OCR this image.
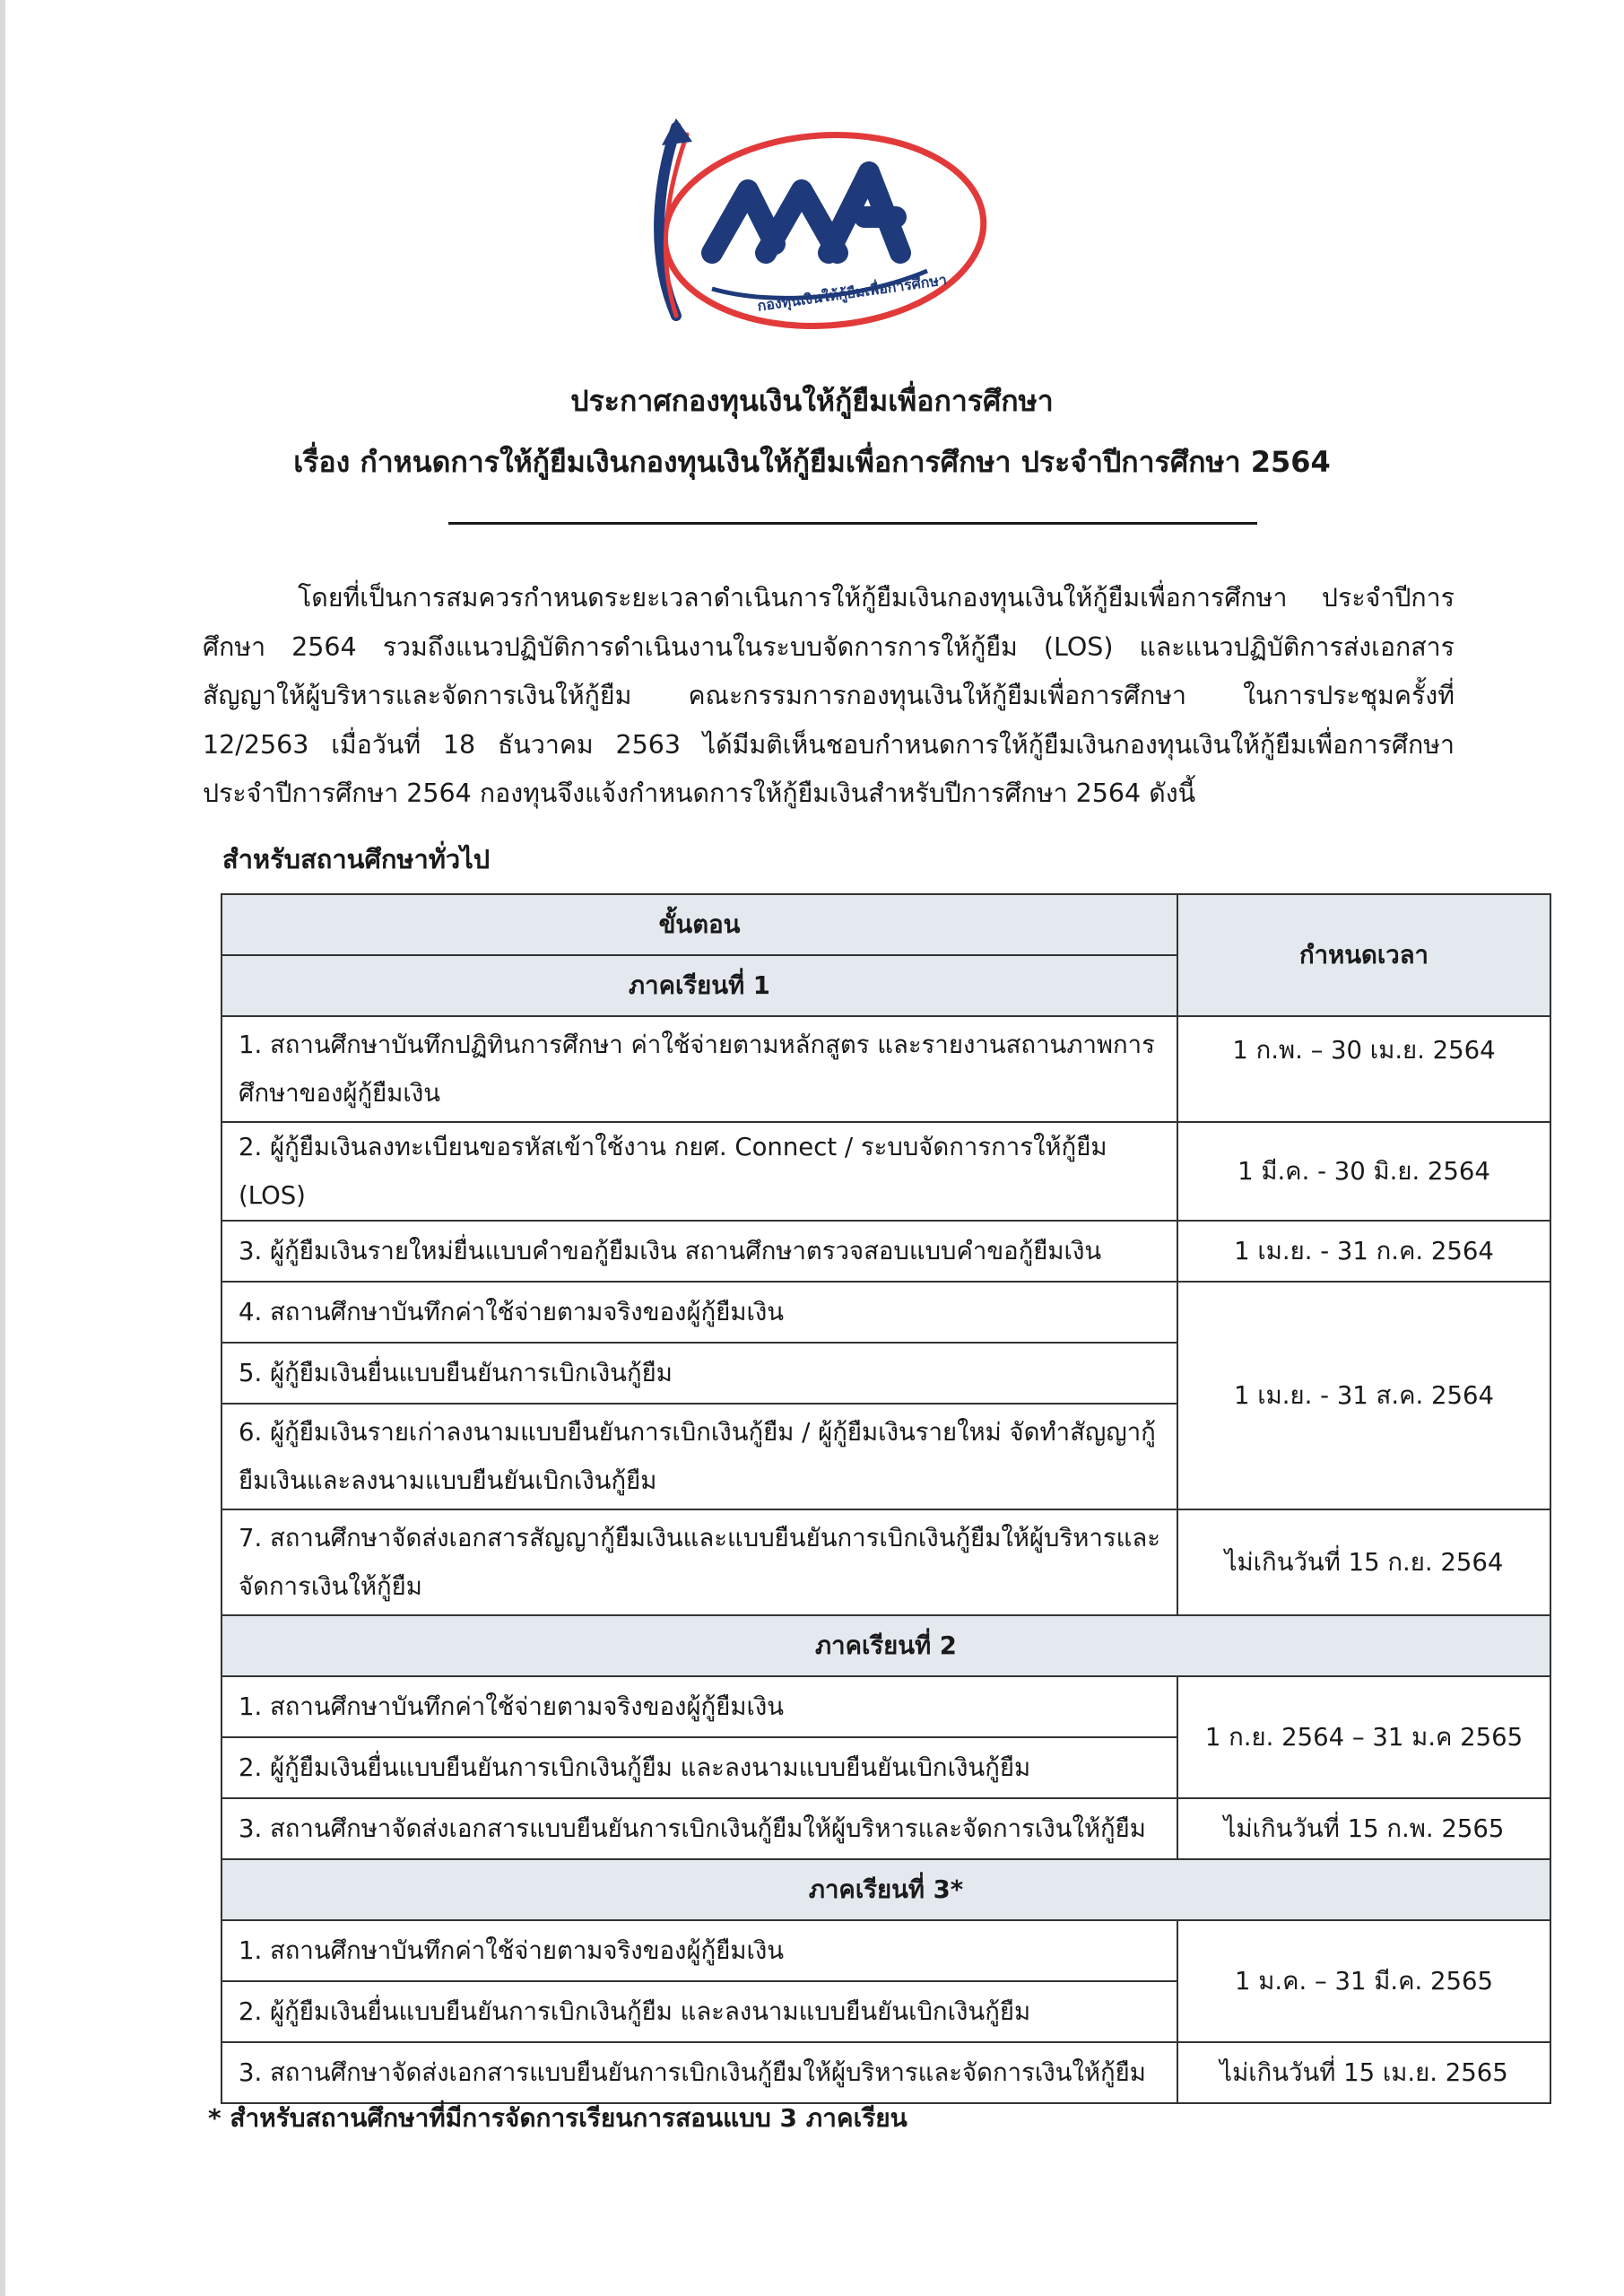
กองทุนเงินให้กู้ยืมเพื่อการศึกษา
ประกาศกองทุนเงินให้กู้ยืมเพื่อการศึกษา
เรื่อง กำหนดการให้กู้ยืมเงินกองทุนเงินให้กู้ยืมเพื่อการศึกษา ประจำปีการศึกษา 2564

โดยที่เป็นการสมควรกำหนดระยะเวลาดำเนินการให้กู้ยืมเงินกองทุนเงินให้กู้ยืมเพื่อการศึกษา ประจำปีการศึกษา 2564 รวมถึงแนวปฏิบัติการดำเนินงานในระบบจัดการการให้กู้ยืม (LOS) และแนวปฏิบัติการส่งเอกสารสัญญาให้ผู้บริหารและจัดการเงินให้กู้ยืม คณะกรรมการกองทุนเงินให้กู้ยืมเพื่อการศึกษา ในการประชุมครั้งที่ 12/2563 เมื่อวันที่ 18 ธันวาคม 2563 ได้มีมติเห็นชอบกำหนดการให้กู้ยืมเงินกองทุนเงินให้กู้ยืมเพื่อการศึกษา ประจำปีการศึกษา 2564 กองทุนจึงแจ้งกำหนดการให้กู้ยืมเงินสำหรับปีการศึกษา 2564 ดังนี้

สำหรับสถานศึกษาทั่วไป
ขั้นตอน	กำหนดเวลา
ภาคเรียนที่ 1	
1. สถานศึกษาบันทึกปฏิทินการศึกษา ค่าใช้จ่ายตามหลักสูตร และรายงานสถานภาพการศึกษาของผู้กู้ยืมเงิน	1 ก.พ. – 30 เม.ย. 2564
2. ผู้กู้ยืมเงินลงทะเบียนขอรหัสเข้าใช้งาน กยศ. Connect / ระบบจัดการการให้กู้ยืม (LOS)	1 มี.ค. - 30 มิ.ย. 2564
3. ผู้กู้ยืมเงินรายใหม่ยื่นแบบคำขอกู้ยืมเงิน สถานศึกษาตรวจสอบแบบคำขอกู้ยืมเงิน	1 เม.ย. - 31 ก.ค. 2564
4. สถานศึกษาบันทึกค่าใช้จ่ายตามจริงของผู้กู้ยืมเงิน	1 เม.ย. - 31 ส.ค. 2564
5. ผู้กู้ยืมเงินยื่นแบบยืนยันการเบิกเงินกู้ยืม	
6. ผู้กู้ยืมเงินรายเก่าลงนามแบบยืนยันการเบิกเงินกู้ยืม / ผู้กู้ยืมเงินรายใหม่ จัดทำสัญญากู้ยืมเงินและลงนามแบบยืนยันเบิกเงินกู้ยืม	
7. สถานศึกษาจัดส่งเอกสารสัญญากู้ยืมเงินและแบบยืนยันการเบิกเงินกู้ยืมให้ผู้บริหารและจัดการเงินให้กู้ยืม	ไม่เกินวันที่ 15 ก.ย. 2564
ภาคเรียนที่ 2	
1. สถานศึกษาบันทึกค่าใช้จ่ายตามจริงของผู้กู้ยืมเงิน	1 ก.ย. 2564 – 31 ม.ค 2565
2. ผู้กู้ยืมเงินยื่นแบบยืนยันการเบิกเงินกู้ยืม และลงนามแบบยืนยันเบิกเงินกู้ยืม	
3. สถานศึกษาจัดส่งเอกสารแบบยืนยันการเบิกเงินกู้ยืมให้ผู้บริหารและจัดการเงินให้กู้ยืม	ไม่เกินวันที่ 15 ก.พ. 2565
ภาคเรียนที่ 3*	
1. สถานศึกษาบันทึกค่าใช้จ่ายตามจริงของผู้กู้ยืมเงิน	1 ม.ค. – 31 มี.ค. 2565
2. ผู้กู้ยืมเงินยื่นแบบยืนยันการเบิกเงินกู้ยืม และลงนามแบบยืนยันเบิกเงินกู้ยืม	
3. สถานศึกษาจัดส่งเอกสารแบบยืนยันการเบิกเงินกู้ยืมให้ผู้บริหารและจัดการเงินให้กู้ยืม	ไม่เกินวันที่ 15 เม.ย. 2565
* สำหรับสถานศึกษาที่มีการจัดการเรียนการสอนแบบ 3 ภาคเรียน
